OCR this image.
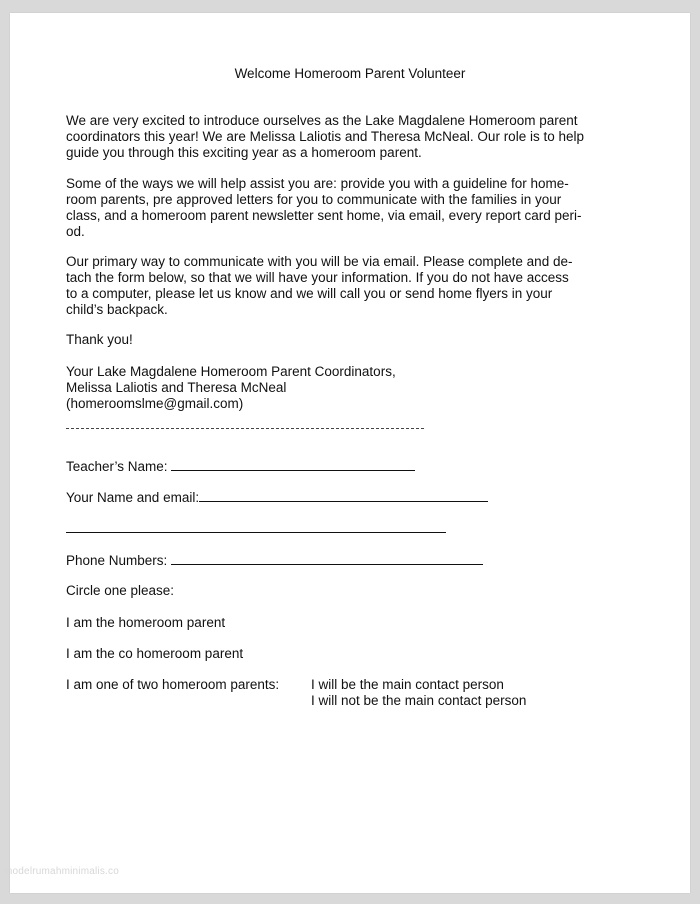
Welcome Homeroom Parent Volunteer
We are very excited to introduce ourselves as the Lake Magdalene Homeroom parent
coordinators this year! We are Melissa Laliotis and Theresa McNeal. Our role is to help
guide you through this exciting year as a homeroom parent.
Some of the ways we will help assist you are: provide you with a guideline for home-
room parents, pre approved letters for you to communicate with the families in your
class, and a homeroom parent newsletter sent home, via email, every report card peri-
od.
Our primary way to communicate with you will be via email. Please complete and de-
tach the form below, so that we will have your information. If you do not have access
to a computer, please let us know and we will call you or send home flyers in your
child’s backpack.
Thank you!
Your Lake Magdalene Homeroom Parent Coordinators,
Melissa Laliotis and Theresa McNeal
(homeroomslme@gmail.com)
Teacher’s Name:
Your Name and email:
Phone Numbers:
Circle one please:
I am the homeroom parent
I am the co homeroom parent
I am one of two homeroom parents: I will be the main contact person
I will not be the main contact person
modelrumahminimalis.co
